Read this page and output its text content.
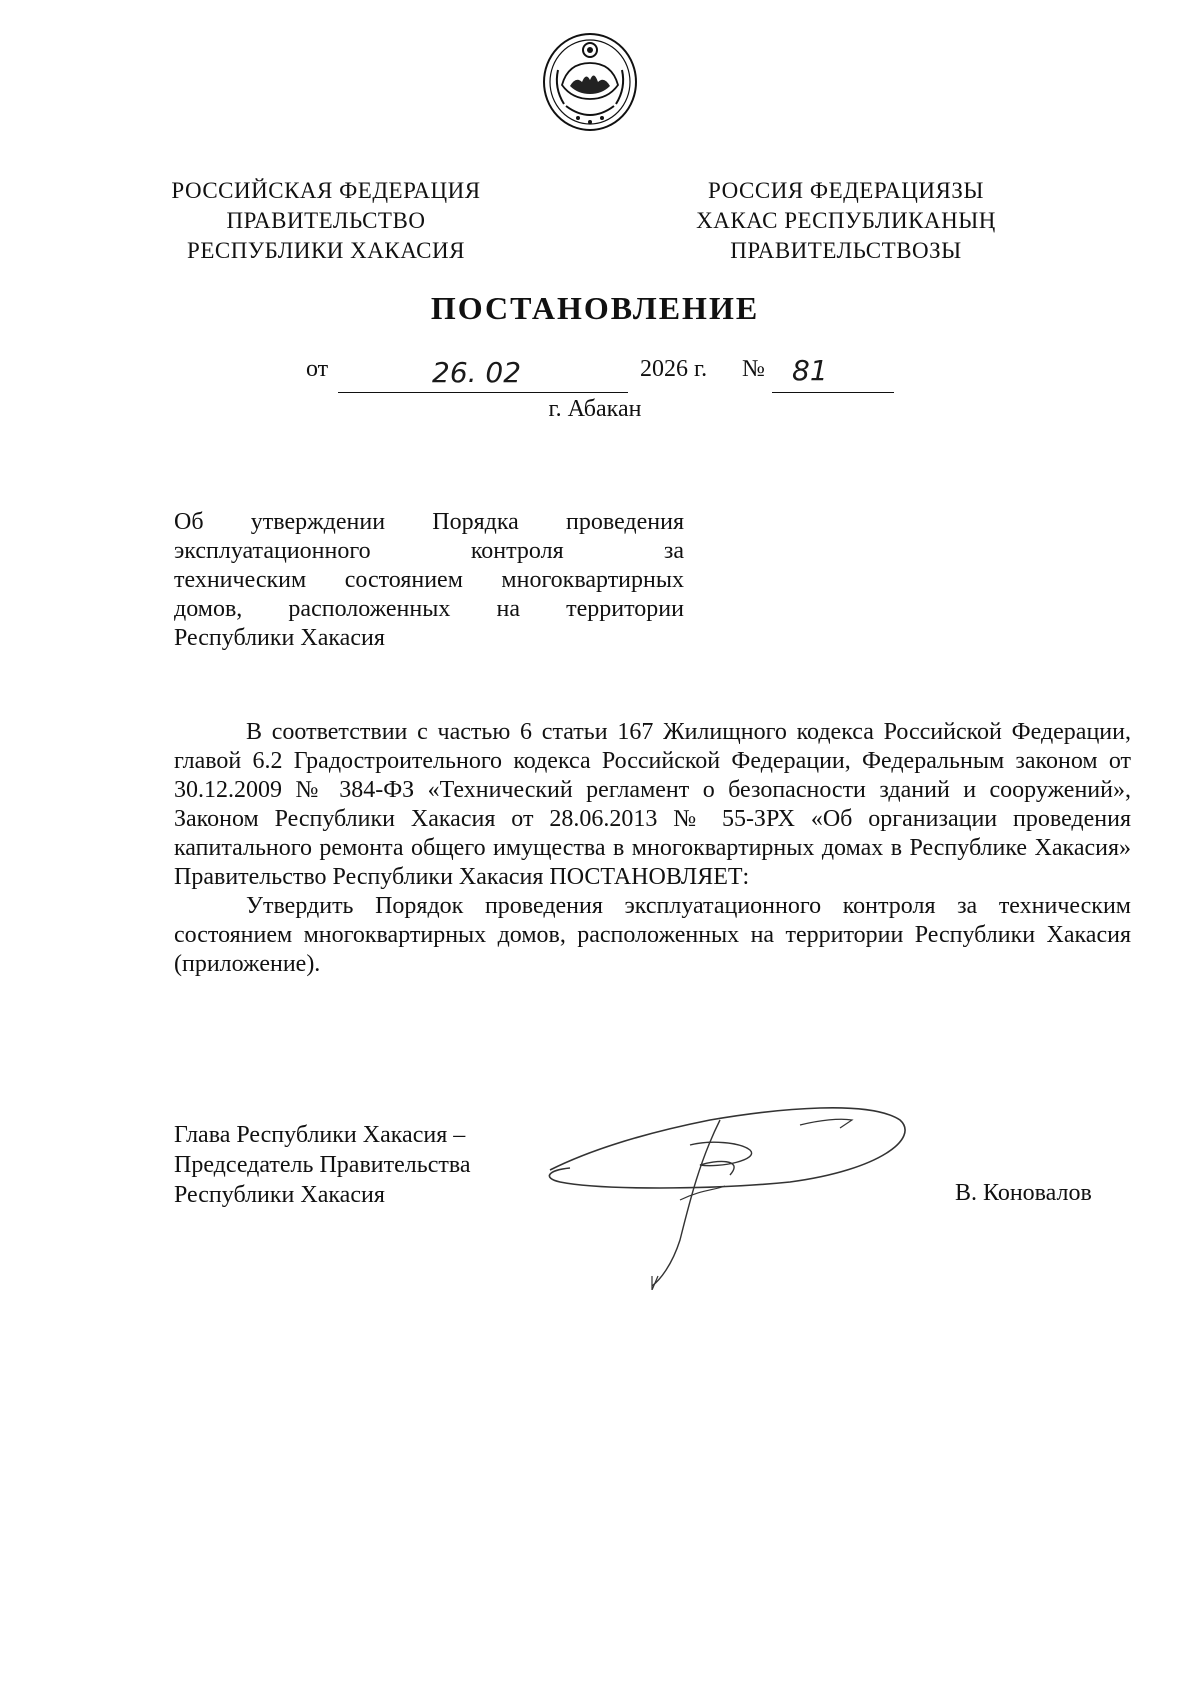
РОССИЙСКАЯ ФЕДЕРАЦИЯ
ПРАВИТЕЛЬСТВО
РЕСПУБЛИКИ ХАКАСИЯ
РОССИЯ ФЕДЕРАЦИЯЗЫ
ХАКАС РЕСПУБЛИКАНЫҢ
ПРАВИТЕЛЬСТВОЗЫ
ПОСТАНОВЛЕНИЕ
от	26. 02	2026 г. № 81
г. Абакан
Об утверждении Порядка проведения
эксплуатационного контроля за
техническим состоянием многоквартирных
домов, расположенных на территории
Республики Хакасия

В соответствии с частью 6 статьи 167 Жилищного кодекса Российской Федерации, главой 6.2 Градостроительного кодекса Российской Федерации, Федеральным законом от 30.12.2009 № 384-ФЗ «Технический регламент о безопасности зданий и сооружений», Законом Республики Хакасия от 28.06.2013 № 55-ЗРХ «Об организации проведения капитального ремонта общего имущества в многоквартирных домах в Республике Хакасия» Правительство Республики Хакасия ПОСТАНОВЛЯЕТ:

Утвердить Порядок проведения эксплуатационного контроля за техническим состоянием многоквартирных домов, расположенных на территории Республики Хакасия (приложение).

Глава Республики Хакасия –
Председатель Правительства
Республики Хакасия	В. Коновалов
